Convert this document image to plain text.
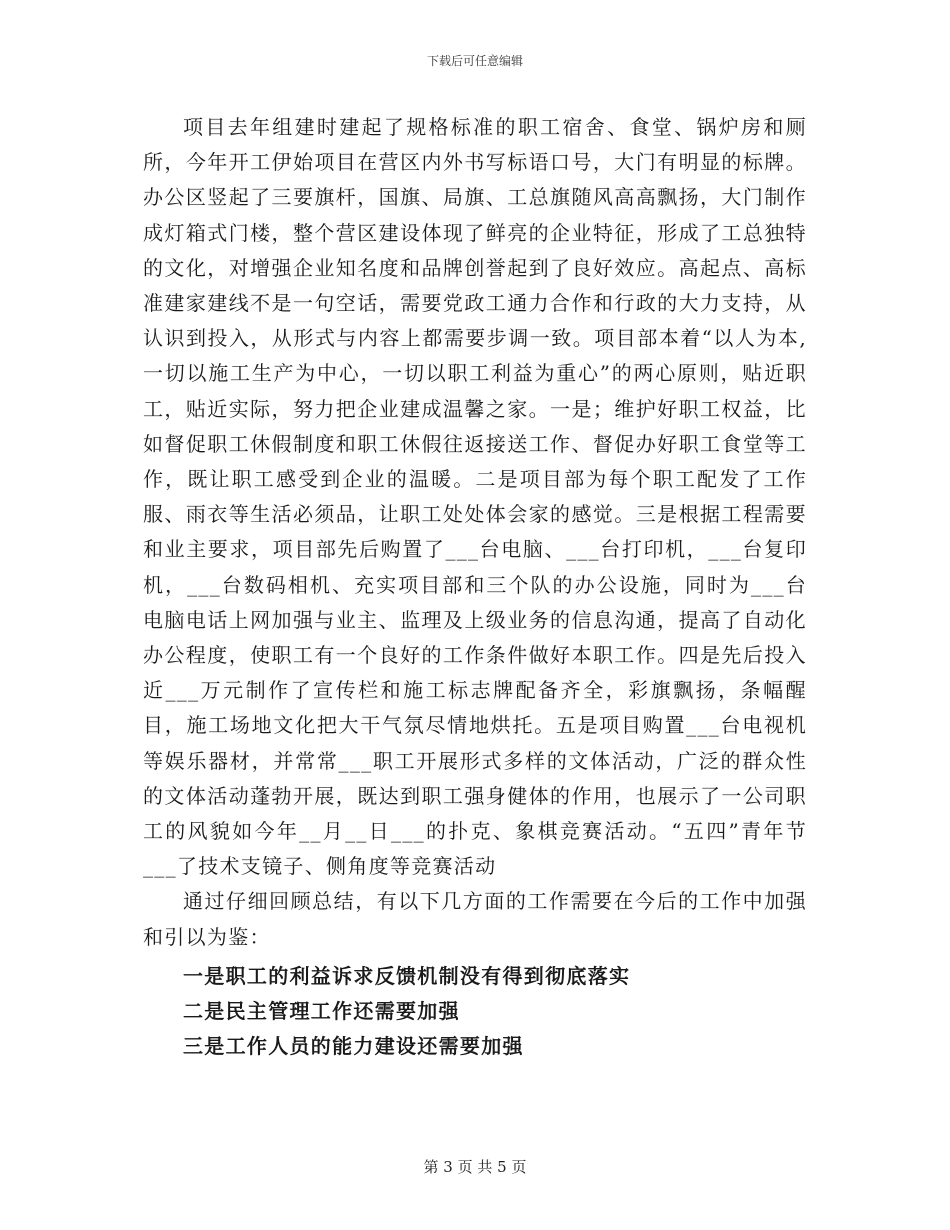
下载后可任意编辑

项目去年组建时建起了规格标准的职工宿舍、食堂、锅炉房和厕所，今年开工伊始项目在营区内外书写标语口号，大门有明显的标牌。办公区竖起了三要旗杆，国旗、局旗、工总旗随风高高飘扬，大门制作成灯箱式门楼，整个营区建设体现了鲜亮的企业特征，形成了工总独特的文化，对增强企业知名度和品牌创誉起到了良好效应。高起点、高标准建家建线不是一句空话，需要党政工通力合作和行政的大力支持，从认识到投入，从形式与内容上都需要步调一致。项目部本着“以人为本,一切以施工生产为中心，一切以职工利益为重心”的两心原则，贴近职工，贴近实际，努力把企业建成温馨之家。一是；维护好职工权益，比如督促职工休假制度和职工休假往返接送工作、督促办好职工食堂等工作，既让职工感受到企业的温暖。二是项目部为每个职工配发了工作服、雨衣等生活必须品，让职工处处体会家的感觉。三是根据工程需要和业主要求，项目部先后购置了___台电脑、___台打印机，___台复印机，___台数码相机、充实项目部和三个队的办公设施，同时为___台电脑电话上网加强与业主、监理及上级业务的信息沟通，提高了自动化办公程度，使职工有一个良好的工作条件做好本职工作。四是先后投入近___万元制作了宣传栏和施工标志牌配备齐全，彩旗飘扬，条幅醒目，施工场地文化把大干气氛尽情地烘托。五是项目购置___台电视机等娱乐器材，并常常___职工开展形式多样的文体活动，广泛的群众性的文体活动蓬勃开展，既达到职工强身健体的作用，也展示了一公司职工的风貌如今年__月__日___的扑克、象棋竞赛活动。“五四”青年节___了技术支镜子、侧角度等竞赛活动

通过仔细回顾总结，有以下几方面的工作需要在今后的工作中加强和引以为鉴：

一是职工的利益诉求反馈机制没有得到彻底落实

二是民主管理工作还需要加强

三是工作人员的能力建设还需要加强

第 3 页 共 5 页
